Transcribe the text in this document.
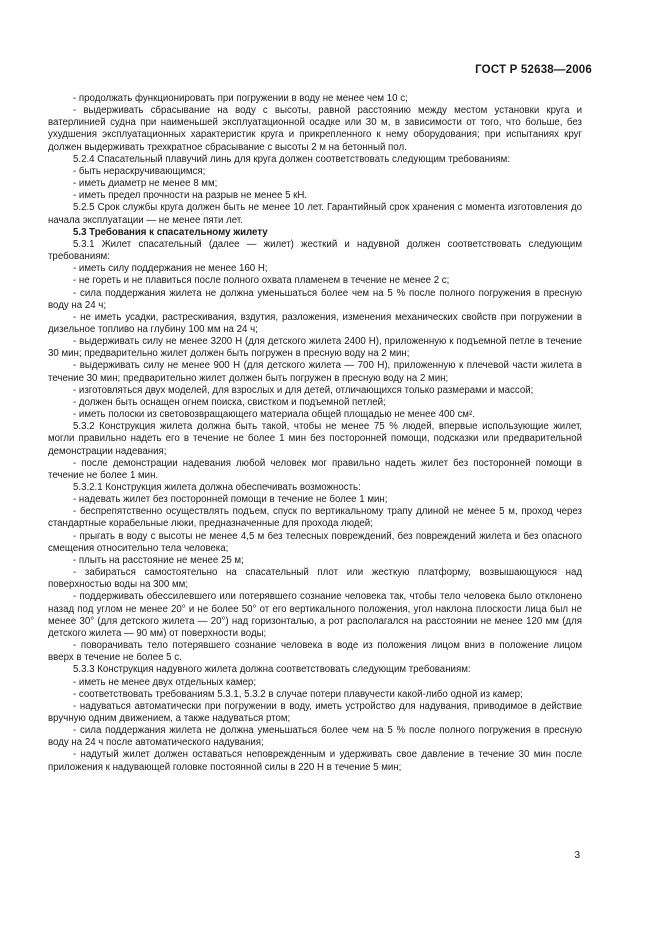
ГОСТ Р 52638—2006

- продолжать функционировать при погружении в воду не менее чем 10 с;

- выдерживать сбрасывание на воду с высоты, равной расстоянию между местом установки круга и ватерлинией судна при наименьшей эксплуатационной осадке или 30 м, в зависимости от того, что больше, без ухудшения эксплуатационных характеристик круга и прикрепленного к нему оборудования; при испытаниях круг должен выдерживать трехкратное сбрасывание с высоты 2 м на бетонный пол.

5.2.4 Спасательный плавучий линь для круга должен соответствовать следующим требованиям:

- быть нераскручивающимся;

- иметь диаметр не менее 8 мм;

- иметь предел прочности на разрыв не менее 5 кН.

5.2.5 Срок службы круга должен быть не менее 10 лет. Гарантийный срок хранения с момента изготовления до начала эксплуатации — не менее пяти лет.

5.3 Требования к спасательному жилету

5.3.1 Жилет спасательный (далее — жилет) жесткий и надувной должен соответствовать следующим требованиям:

- иметь силу поддержания не менее 160 Н;

- не гореть и не плавиться после полного охвата пламенем в течение не менее 2 с;

- сила поддержания жилета не должна уменьшаться более чем на 5 % после полного погружения в пресную воду на 24 ч;

- не иметь усадки, растрескивания, вздутия, разложения, изменения механических свойств при погружении в дизельное топливо на глубину 100 мм на 24 ч;

- выдерживать силу не менее 3200 Н (для детского жилета 2400 Н), приложенную к подъемной петле в течение 30 мин; предварительно жилет должен быть погружен в пресную воду на 2 мин;

- выдерживать силу не менее 900 Н (для детского жилета — 700 Н), приложенную к плечевой части жилета в течение 30 мин; предварительно жилет должен быть погружен в пресную воду на 2 мин;

- изготовляться двух моделей, для взрослых и для детей, отличающихся только размерами и массой;

- должен быть оснащен огнем поиска, свистком и подъемной петлей;

- иметь полоски из световозвращающего материала общей площадью не менее 400 см².

5.3.2 Конструкция жилета должна быть такой, чтобы не менее 75 % людей, впервые использующие жилет, могли правильно надеть его в течение не более 1 мин без посторонней помощи, подсказки или предварительной демонстрации надевания;

- после демонстрации надевания любой человек мог правильно надеть жилет без посторонней помощи в течение не более 1 мин.

5.3.2.1 Конструкция жилета должна обеспечивать возможность:

- надевать жилет без посторонней помощи в течение не более 1 мин;

- беспрепятственно осуществлять подъем, спуск по вертикальному трапу длиной не менее 5 м, проход через стандартные корабельные люки, предназначенные для прохода людей;

- прыгать в воду с высоты не менее 4,5 м без телесных повреждений, без повреждений жилета и без опасного смещения относительно тела человека;

- плыть на расстояние не менее 25 м;

- забираться самостоятельно на спасательный плот или жесткую платформу, возвышающуюся над поверхностью воды на 300 мм;

- поддерживать обессилевшего или потерявшего сознание человека так, чтобы тело человека было отклонено назад под углом не менее 20° и не более 50° от его вертикального положения, угол наклона плоскости лица был не менее 30° (для детского жилета — 20°) над горизонталью, а рот располагался на расстоянии не менее 120 мм (для детского жилета — 90 мм) от поверхности воды;

- поворачивать тело потерявшего сознание человека в воде из положения лицом вниз в положение лицом вверх в течение не более 5 с.

5.3.3 Конструкция надувного жилета должна соответствовать следующим требованиям:

- иметь не менее двух отдельных камер;

- соответствовать требованиям 5.3.1, 5.3.2 в случае потери плавучести какой-либо одной из камер;

- надуваться автоматически при погружении в воду, иметь устройство для надувания, приводимое в действие вручную одним движением, а также надуваться ртом;

- сила поддержания жилета не должна уменьшаться более чем на 5 % после полного погружения в пресную воду на 24 ч после автоматического надувания;

- надутый жилет должен оставаться неповрежденным и удерживать свое давление в течение 30 мин после приложения к надувающей головке постоянной силы в 220 Н в течение 5 мин;

3
